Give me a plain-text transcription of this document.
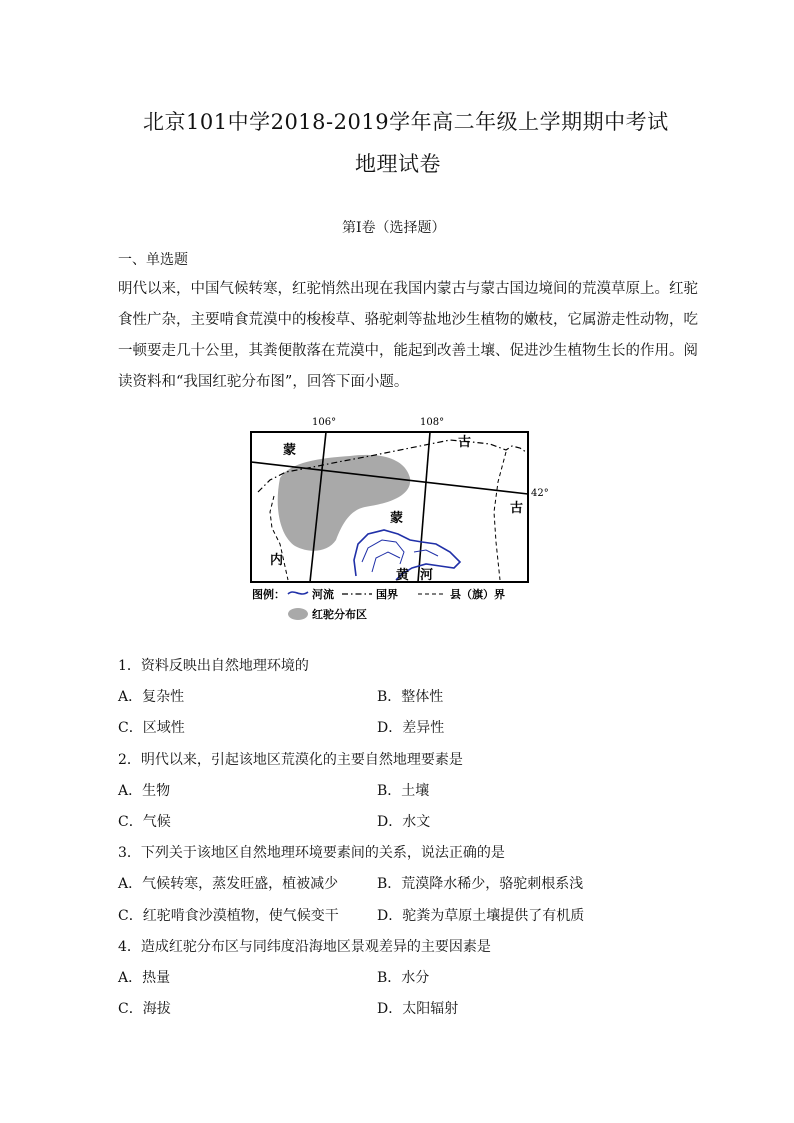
北京101中学2018-2019学年高二年级上学期期中考试
地理试卷
第I卷（选择题）
一、单选题
明代以来，中国气候转寒，红驼悄然出现在我国内蒙古与蒙古国边境间的荒漠草原上。红驼
食性广杂，主要啃食荒漠中的梭梭草、骆驼刺等盐地沙生植物的嫩枝，它属游走性动物，吃
一顿要走几十公里，其粪便散落在荒漠中，能起到改善土壤、促进沙生植物生长的作用。阅
读资料和“我国红驼分布图”，回答下面小题。
106°	108°
42°
蒙
古
蒙
古
内
黄 河
图例： 河流	国界	县（旗）界
红驼分布区
1．资料反映出自然地理环境的
A．复杂性	B．整体性
C．区域性	D．差异性
2．明代以来，引起该地区荒漠化的主要自然地理要素是
A．生物	B．土壤
C．气候	D．水文
3．下列关于该地区自然地理环境要素间的关系，说法正确的是
A．气候转寒，蒸发旺盛，植被减少	B．荒漠降水稀少，骆驼刺根系浅
C．红驼啃食沙漠植物，使气候变干	D．驼粪为草原土壤提供了有机质
4．造成红驼分布区与同纬度沿海地区景观差异的主要因素是
A．热量	B．水分
C．海拔	D．太阳辐射
